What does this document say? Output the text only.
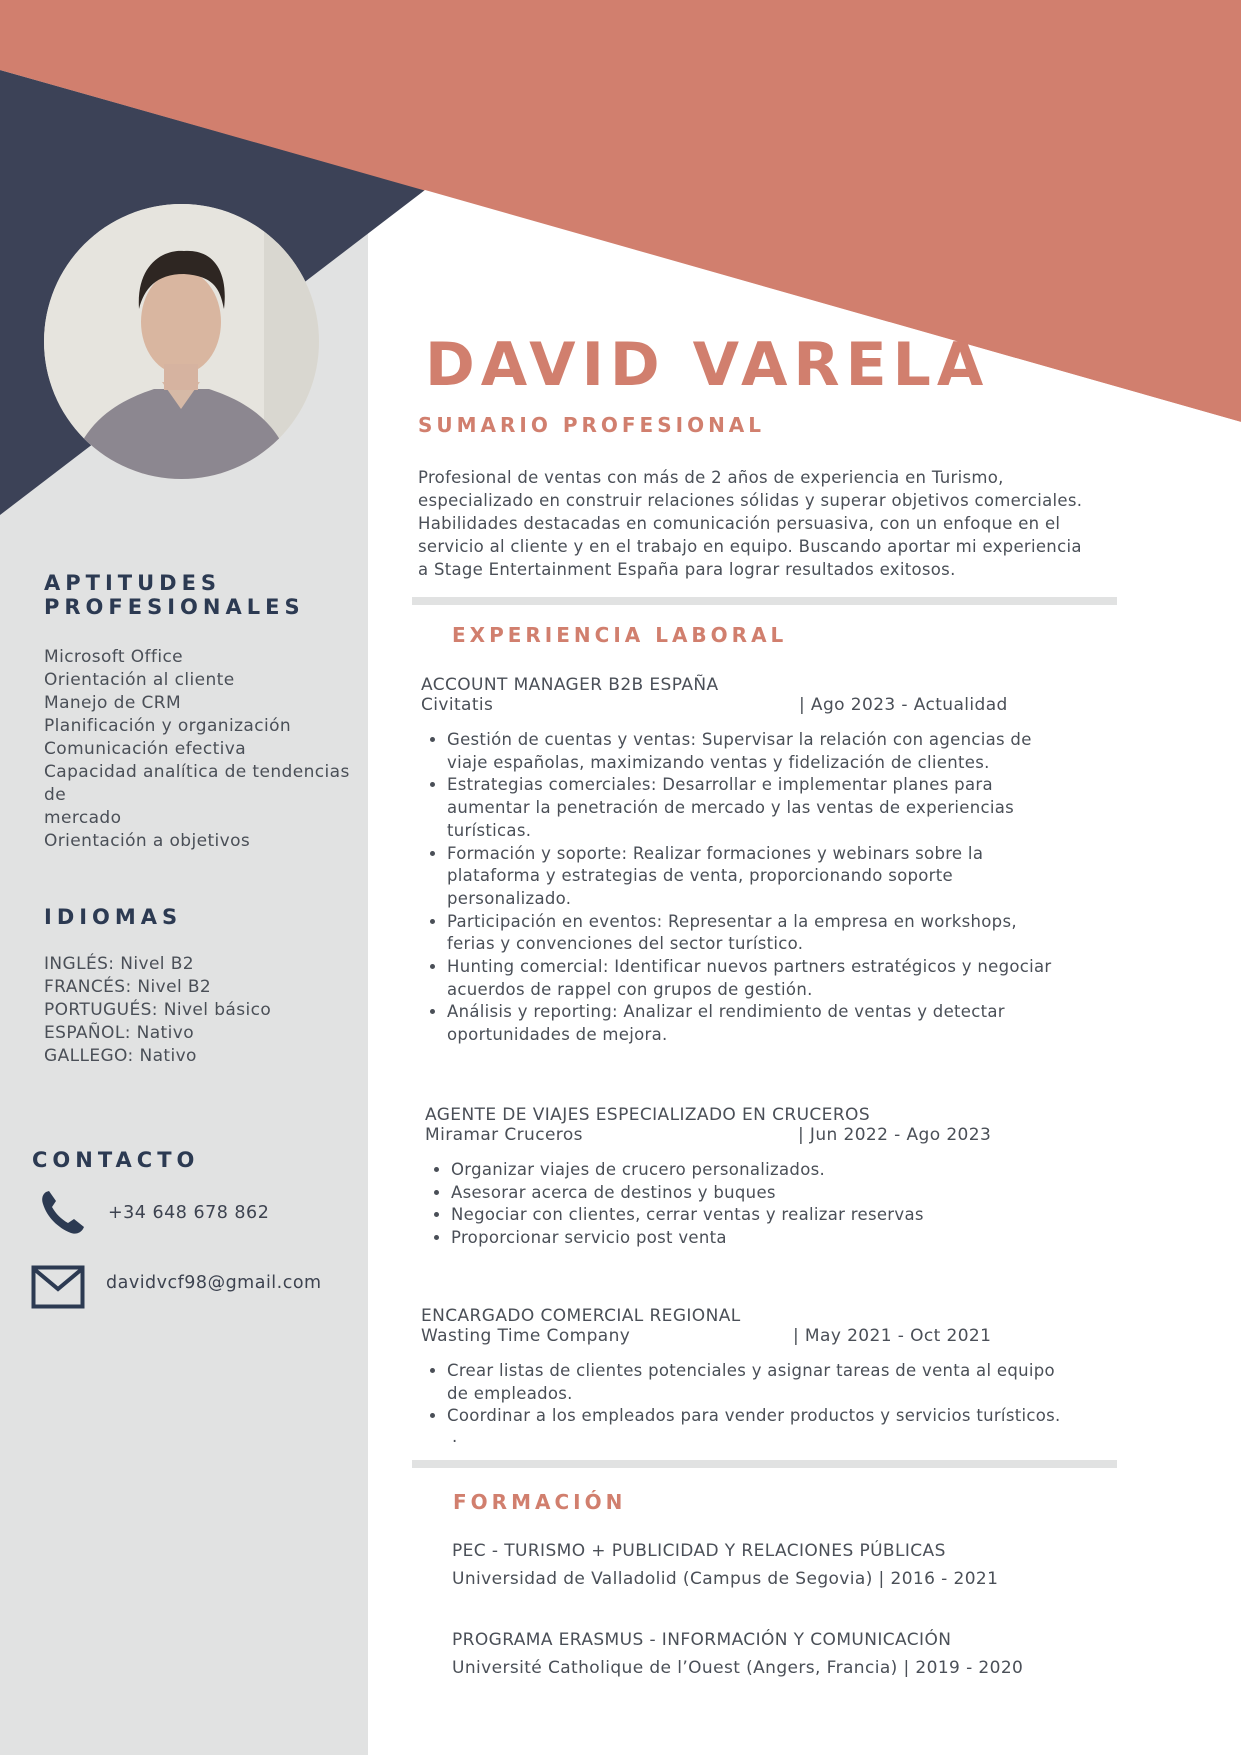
APTITUDES
PROFESIONALES
Microsoft Office
Orientación al cliente
Manejo de CRM
Planificación y organización
Comunicación efectiva
Capacidad analítica de tendencias de
mercado
Orientación a objetivos
IDIOMAS
INGLÉS: Nivel B2
FRANCÉS: Nivel B2
PORTUGUÉS: Nivel básico
ESPAÑOL: Nativo
GALLEGO: Nativo
CONTACTO
+34 648 678 862
davidvcf98@gmail.com
DAVID VARELA
SUMARIO PROFESIONAL
Profesional de ventas con más de 2 años de experiencia en Turismo,
especializado en construir relaciones sólidas y superar objetivos comerciales.
Habilidades destacadas en comunicación persuasiva, con un enfoque en el
servicio al cliente y en el trabajo en equipo. Buscando aportar mi experiencia
a Stage Entertainment España para lograr resultados exitosos.
EXPERIENCIA LABORAL
ACCOUNT MANAGER B2B ESPAÑA
Civitatis	| Ago 2023 - Actualidad
• Gestión de cuentas y ventas: Supervisar la relación con agencias de
viaje españolas, maximizando ventas y fidelización de clientes.
• Estrategias comerciales: Desarrollar e implementar planes para
aumentar la penetración de mercado y las ventas de experiencias
turísticas.
• Formación y soporte: Realizar formaciones y webinars sobre la
plataforma y estrategias de venta, proporcionando soporte
personalizado.
• Participación en eventos: Representar a la empresa en workshops,
ferias y convenciones del sector turístico.
• Hunting comercial: Identificar nuevos partners estratégicos y negociar
acuerdos de rappel con grupos de gestión.
• Análisis y reporting: Analizar el rendimiento de ventas y detectar
oportunidades de mejora.
AGENTE DE VIAJES ESPECIALIZADO EN CRUCEROS
Miramar Cruceros	| Jun 2022 - Ago 2023
• Organizar viajes de crucero personalizados.
• Asesorar acerca de destinos y buques
• Negociar con clientes, cerrar ventas y realizar reservas
• Proporcionar servicio post venta
ENCARGADO COMERCIAL REGIONAL
Wasting Time Company	| May 2021 - Oct 2021
• Crear listas de clientes potenciales y asignar tareas de venta al equipo
de empleados.
• Coordinar a los empleados para vender productos y servicios turísticos.
.
FORMACIÓN
PEC - TURISMO + PUBLICIDAD Y RELACIONES PÚBLICAS
Universidad de Valladolid (Campus de Segovia) | 2016 - 2021
PROGRAMA ERASMUS - INFORMACIÓN Y COMUNICACIÓN
Université Catholique de l’Ouest (Angers, Francia) | 2019 - 2020
